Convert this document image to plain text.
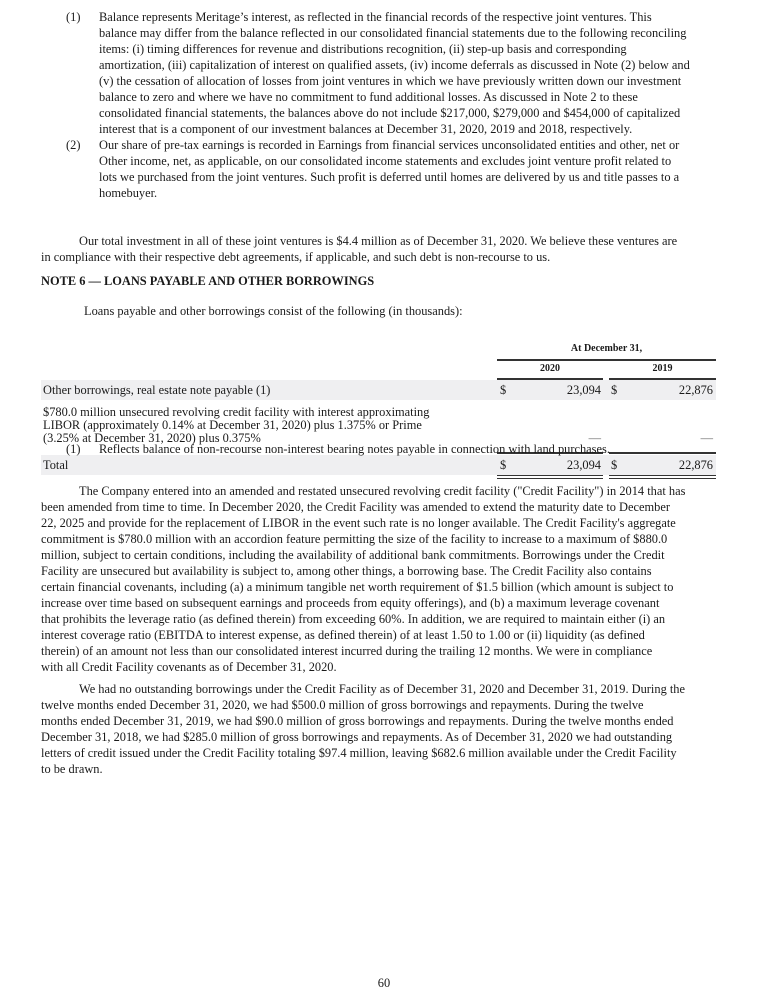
(1)	Balance represents Meritage’s interest, as reflected in the financial records of the respective joint ventures. This
balance may differ from the balance reflected in our consolidated financial statements due to the following reconciling
items: (i) timing differences for revenue and distributions recognition, (ii) step-up basis and corresponding
amortization, (iii) capitalization of interest on qualified assets, (iv) income deferrals as discussed in Note (2) below and
(v) the cessation of allocation of losses from joint ventures in which we have previously written down our investment
balance to zero and where we have no commitment to fund additional losses. As discussed in Note 2 to these
consolidated financial statements, the balances above do not include $217,000, $279,000 and $454,000 of capitalized
interest that is a component of our investment balances at December 31, 2020, 2019 and 2018, respectively.
(2)	Our share of pre-tax earnings is recorded in Earnings from financial services unconsolidated entities and other, net or
Other income, net, as applicable, on our consolidated income statements and excludes joint venture profit related to
lots we purchased from the joint ventures. Such profit is deferred until homes are delivered by us and title passes to a
homebuyer.
Our total investment in all of these joint ventures is $4.4 million as of December 31, 2020. We believe these ventures are
in compliance with their respective debt agreements, if applicable, and such debt is non-recourse to us.
NOTE 6 — LOANS PAYABLE AND OTHER BORROWINGS
Loans payable and other borrowings consist of the following (in thousands):
At December 31,
2020	2019
Other borrowings, real estate note payable (1)	$	23,094 $	22,876
$780.0 million unsecured revolving credit facility with interest approximating
LIBOR (approximately 0.14% at December 31, 2020) plus 1.375% or Prime
(3.25% at December 31, 2020) plus 0.375%	—	—
Total	$	23,094 $	22,876
(1)	Reflects balance of non-recourse non-interest bearing notes payable in connection with land purchases.
The Company entered into an amended and restated unsecured revolving credit facility ("Credit Facility") in 2014 that has
been amended from time to time. In December 2020, the Credit Facility was amended to extend the maturity date to December
22, 2025 and provide for the replacement of LIBOR in the event such rate is no longer available. The Credit Facility's aggregate
commitment is $780.0 million with an accordion feature permitting the size of the facility to increase to a maximum of $880.0
million, subject to certain conditions, including the availability of additional bank commitments. Borrowings under the Credit
Facility are unsecured but availability is subject to, among other things, a borrowing base. The Credit Facility also contains
certain financial covenants, including (a) a minimum tangible net worth requirement of $1.5 billion (which amount is subject to
increase over time based on subsequent earnings and proceeds from equity offerings), and (b) a maximum leverage covenant
that prohibits the leverage ratio (as defined therein) from exceeding 60%. In addition, we are required to maintain either (i) an
interest coverage ratio (EBITDA to interest expense, as defined therein) of at least 1.50 to 1.00 or (ii) liquidity (as defined
therein) of an amount not less than our consolidated interest incurred during the trailing 12 months. We were in compliance
with all Credit Facility covenants as of December 31, 2020.
We had no outstanding borrowings under the Credit Facility as of December 31, 2020 and December 31, 2019. During the
twelve months ended December 31, 2020, we had $500.0 million of gross borrowings and repayments. During the twelve
months ended December 31, 2019, we had $90.0 million of gross borrowings and repayments. During the twelve months ended
December 31, 2018, we had $285.0 million of gross borrowings and repayments. As of December 31, 2020 we had outstanding
letters of credit issued under the Credit Facility totaling $97.4 million, leaving $682.6 million available under the Credit Facility
to be drawn.
60
